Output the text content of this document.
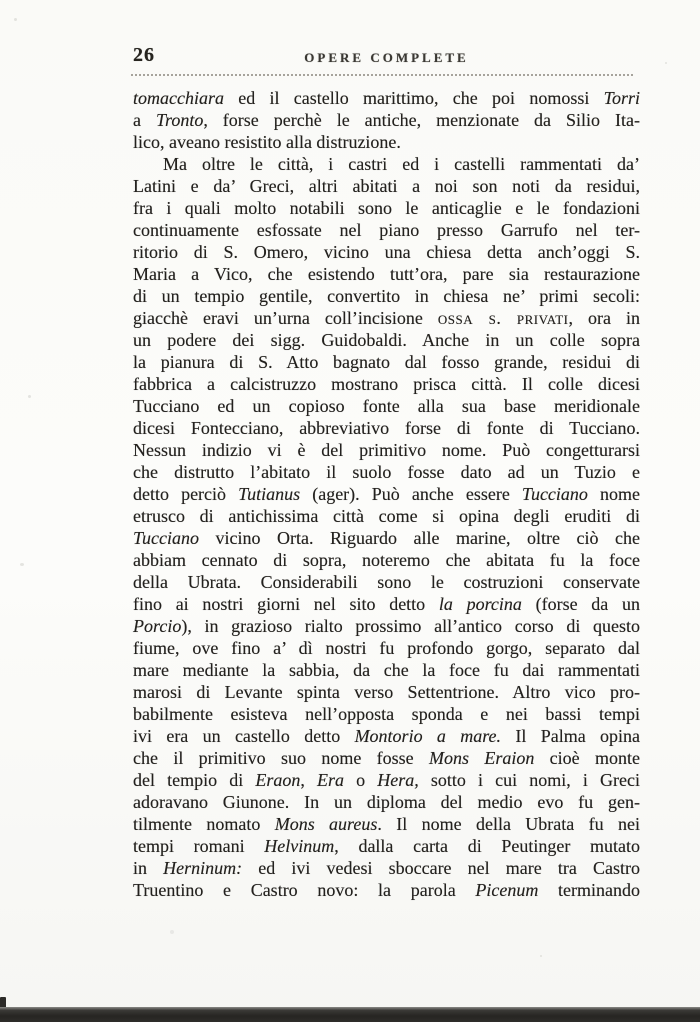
26	OPERE COMPLETE
tomacchiara ed il castello marittimo, che poi nomossi Torri
a Tronto, forse perchè le antiche, menzionate da Silio Ita-
lico, aveano resistito alla distruzione.
Ma oltre le città, i castri ed i castelli rammentati da’
Latini e da’ Greci, altri abitati a noi son noti da residui,
fra i quali molto notabili sono le anticaglie e le fondazioni
continuamente esfossate nel piano presso Garrufo nel ter-
ritorio di S. Omero, vicino una chiesa detta anch’oggi S.
Maria a Vico, che esistendo tutt’ora, pare sia restaurazione
di un tempio gentile, convertito in chiesa ne’ primi secoli:
giacchè eravi un’urna coll’incisione ossa s. privati, ora in
un podere dei sigg. Guidobaldi. Anche in un colle sopra
la pianura di S. Atto bagnato dal fosso grande, residui di
fabbrica a calcistruzzo mostrano prisca città. Il colle dicesi
Tucciano ed un copioso fonte alla sua base meridionale
dicesi Fontecciano, abbreviativo forse di fonte di Tucciano.
Nessun indizio vi è del primitivo nome. Può congetturarsi
che distrutto l’abitato il suolo fosse dato ad un Tuzio e
detto perciò Tutianus (ager). Può anche essere Tucciano nome
etrusco di antichissima città come si opina degli eruditi di
Tucciano vicino Orta. Riguardo alle marine, oltre ciò che
abbiam cennato di sopra, noteremo che abitata fu la foce
della Ubrata. Considerabili sono le costruzioni conservate
fino ai nostri giorni nel sito detto la porcina (forse da un
Porcio), in grazioso rialto prossimo all’antico corso di questo
fiume, ove fino a’ dì nostri fu profondo gorgo, separato dal
mare mediante la sabbia, da che la foce fu dai rammentati
marosi di Levante spinta verso Settentrione. Altro vico pro-
babilmente esisteva nell’opposta sponda e nei bassi tempi
ivi era un castello detto Montorio a mare. Il Palma opina
che il primitivo suo nome fosse Mons Eraion cioè monte
del tempio di Eraon, Era o Hera, sotto i cui nomi, i Greci
adoravano Giunone. In un diploma del medio evo fu gen-
tilmente nomato Mons aureus. Il nome della Ubrata fu nei
tempi romani Helvinum, dalla carta di Peutinger mutato
in Herninum: ed ivi vedesi sboccare nel mare tra Castro
Truentino e Castro novo: la parola Picenum terminando
